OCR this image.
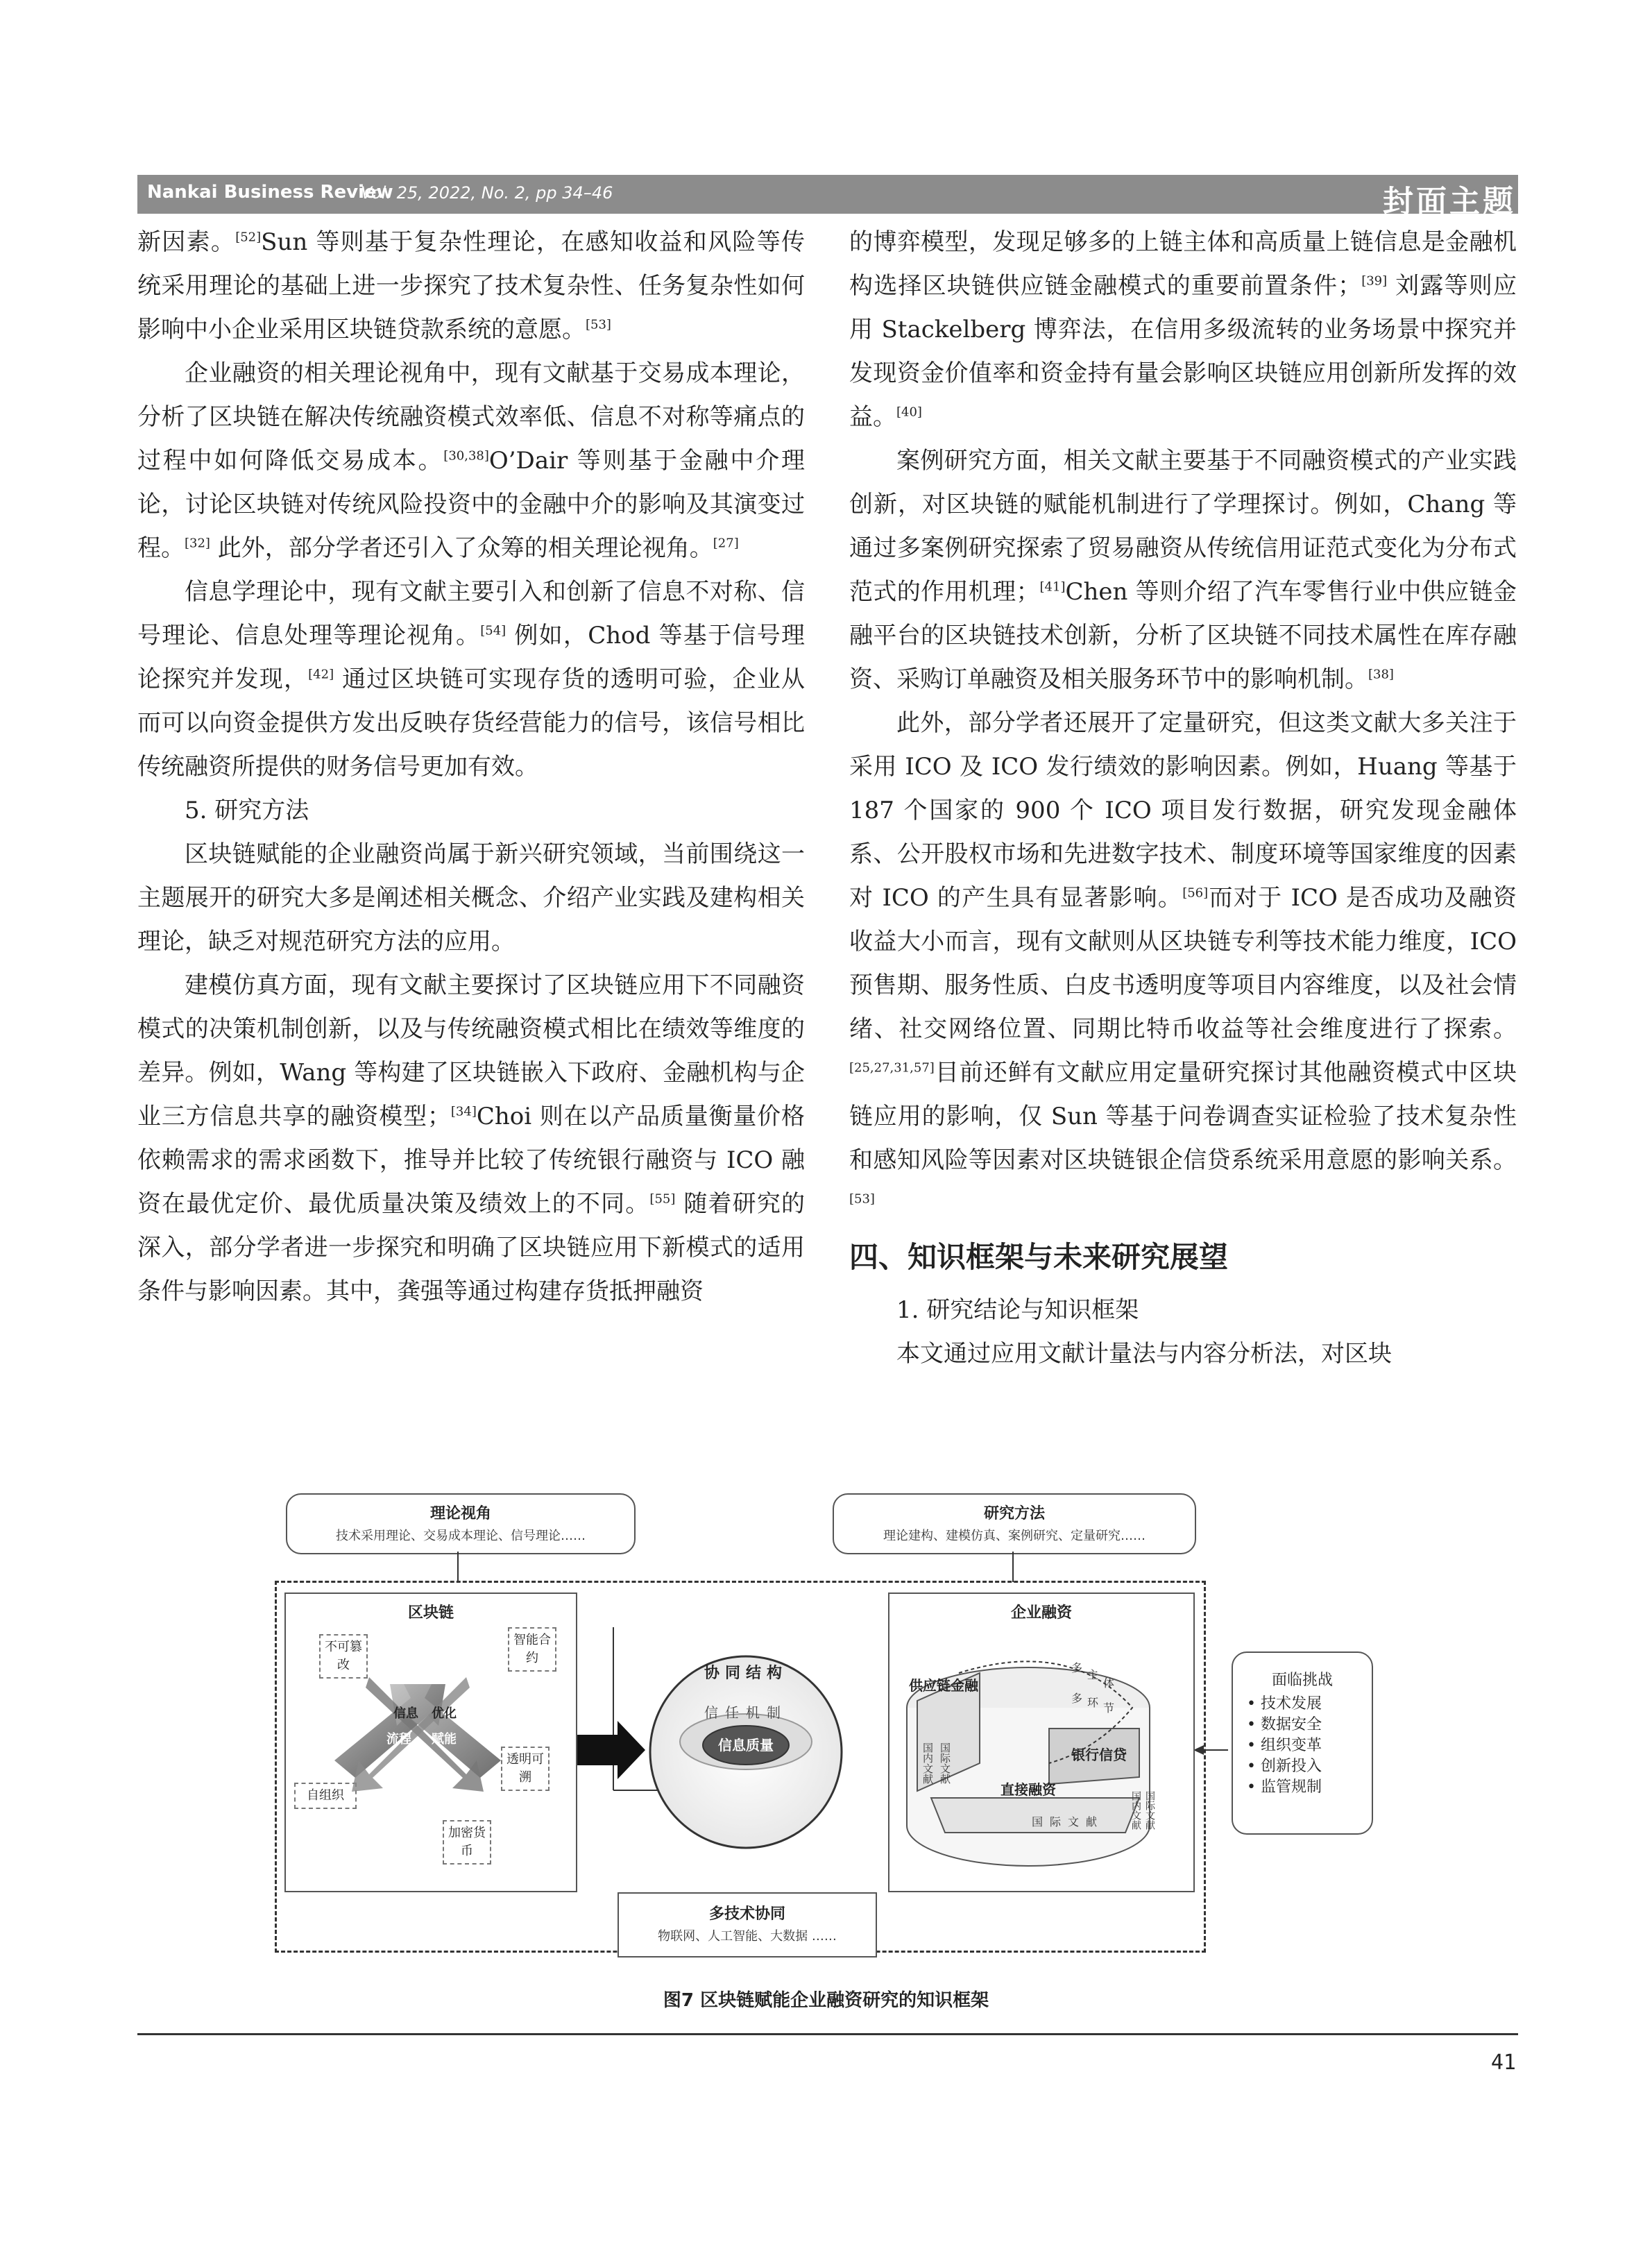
Nankai Business Review
Vol. 25, 2022, No. 2, pp 34–46	封面主题

新因素。[52]Sun 等则基于复杂性理论，在感知收益和风险等传统采用理论的基础上进一步探究了技术复杂性、任务复杂性如何影响中小企业采用区块链贷款系统的意愿。[53]

企业融资的相关理论视角中，现有文献基于交易成本理论，分析了区块链在解决传统融资模式效率低、信息不对称等痛点的过程中如何降低交易成本。[30,38]O’Dair 等则基于金融中介理论，讨论区块链对传统风险投资中的金融中介的影响及其演变过程。[32] 此外，部分学者还引入了众筹的相关理论视角。[27]

信息学理论中，现有文献主要引入和创新了信息不对称、信号理论、信息处理等理论视角。[54] 例如，Chod 等基于信号理论探究并发现，[42] 通过区块链可实现存货的透明可验，企业从而可以向资金提供方发出反映存货经营能力的信号，该信号相比传统融资所提供的财务信号更加有效。

5. 研究方法

区块链赋能的企业融资尚属于新兴研究领域，当前围绕这一主题展开的研究大多是阐述相关概念、介绍产业实践及建构相关理论，缺乏对规范研究方法的应用。

建模仿真方面，现有文献主要探讨了区块链应用下不同融资模式的决策机制创新，以及与传统融资模式相比在绩效等维度的差异。例如，Wang 等构建了区块链嵌入下政府、金融机构与企业三方信息共享的融资模型；[34]Choi 则在以产品质量衡量价格依赖需求的需求函数下，推导并比较了传统银行融资与 ICO 融资在最优定价、最优质量决策及绩效上的不同。[55] 随着研究的深入，部分学者进一步探究和明确了区块链应用下新模式的适用条件与影响因素。其中，龚强等通过构建存货抵押融资

的博弈模型，发现足够多的上链主体和高质量上链信息是金融机构选择区块链供应链金融模式的重要前置条件；[39] 刘露等则应用 Stackelberg 博弈法，在信用多级流转的业务场景中探究并发现资金价值率和资金持有量会影响区块链应用创新所发挥的效益。[40]

案例研究方面，相关文献主要基于不同融资模式的产业实践创新，对区块链的赋能机制进行了学理探讨。例如，Chang 等通过多案例研究探索了贸易融资从传统信用证范式变化为分布式范式的作用机理；[41]Chen 等则介绍了汽车零售行业中供应链金融平台的区块链技术创新，分析了区块链不同技术属性在库存融资、采购订单融资及相关服务环节中的影响机制。[38]

此外，部分学者还展开了定量研究，但这类文献大多关注于采用 ICO 及 ICO 发行绩效的影响因素。例如，Huang 等基于 187 个国家的 900 个 ICO 项目发行数据，研究发现金融体系、公开股权市场和先进数字技术、制度环境等国家维度的因素对 ICO 的产生具有显著影响。[56]而对于 ICO 是否成功及融资收益大小而言，现有文献则从区块链专利等技术能力维度，ICO 预售期、服务性质、白皮书透明度等项目内容维度，以及社会情绪、社交网络位置、同期比特币收益等社会维度进行了探索。[25,27,31,57]目前还鲜有文献应用定量研究探讨其他融资模式中区块链应用的影响，仅 Sun 等基于问卷调查实证检验了技术复杂性和感知风险等因素对区块链银企信贷系统采用意愿的影响关系。[53]

四、知识框架与未来研究展望

1. 研究结论与知识框架

本文通过应用文献计量法与内容分析法，对区块

理论视角
技术采用理论、交易成本理论、信号理论……
研究方法
理论建构、建模仿真、案例研究、定量研究……
区块链
不可篡改
智能合约
自组织
透明可溯
加密货币
信息 优化
流程 赋能	信息质量
协同结构
信任机制
企业融资
供应链金融
银行信贷
直接融资
国际文献
国内文献 国际文献
国内文献 国际文献
多
主
体
多 环 节
面临挑战
• 技术发展
• 数据安全
• 组织变革
• 创新投入
• 监管规制
多技术协同
物联网、人工智能、大数据 ……
图7 区块链赋能企业融资研究的知识框架
41
